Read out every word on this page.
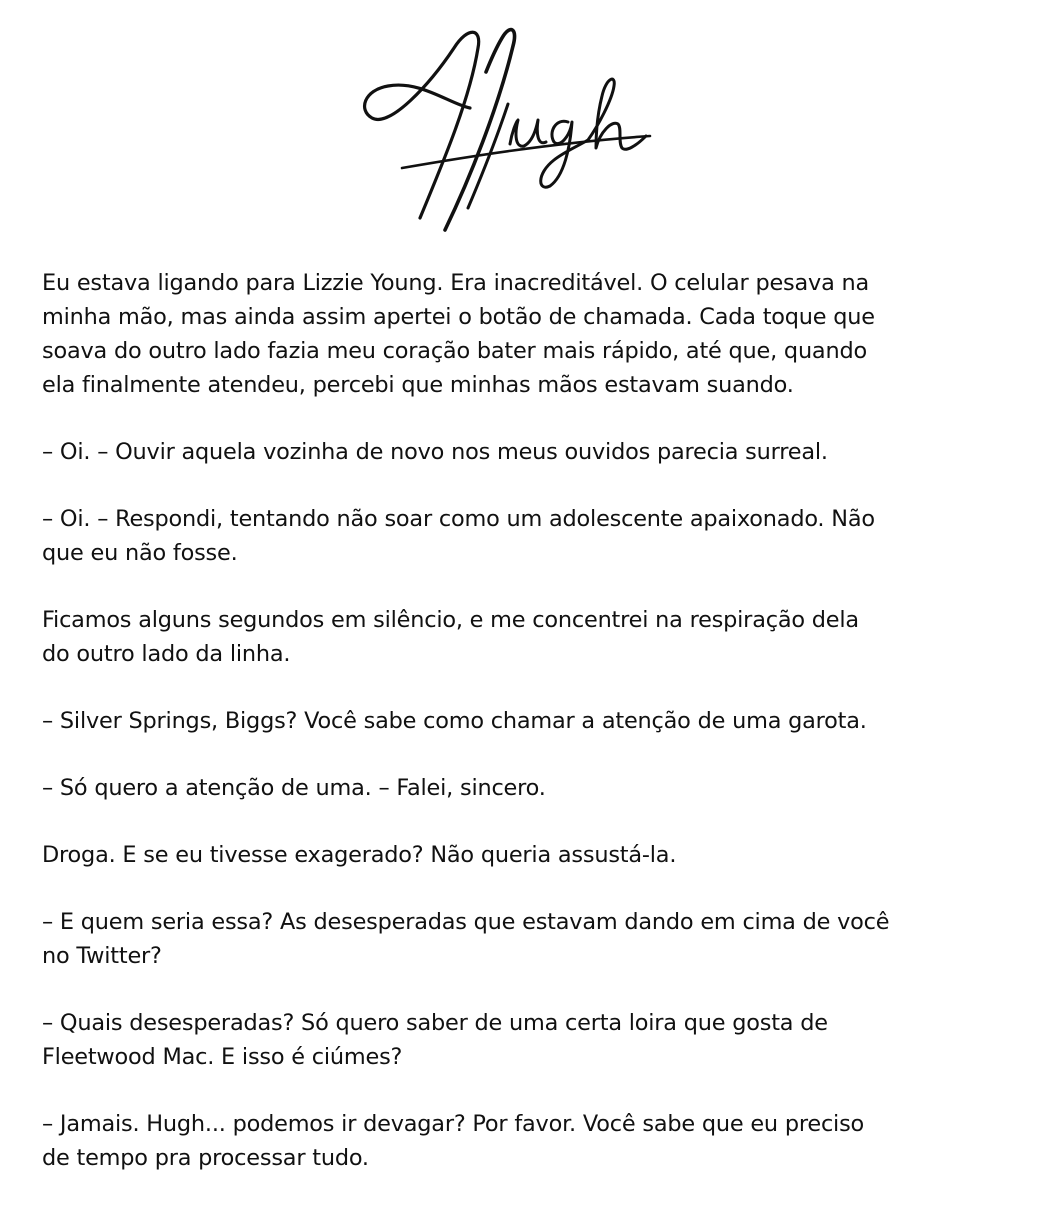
Eu estava ligando para Lizzie Young. Era inacreditável. O celular pesava na
minha mão, mas ainda assim apertei o botão de chamada. Cada toque que
soava do outro lado fazia meu coração bater mais rápido, até que, quando
ela finalmente atendeu, percebi que minhas mãos estavam suando.

– Oi. – Ouvir aquela vozinha de novo nos meus ouvidos parecia surreal.

– Oi. – Respondi, tentando não soar como um adolescente apaixonado. Não
que eu não fosse.

Ficamos alguns segundos em silêncio, e me concentrei na respiração dela
do outro lado da linha.

– Silver Springs, Biggs? Você sabe como chamar a atenção de uma garota.

– Só quero a atenção de uma. – Falei, sincero.

Droga. E se eu tivesse exagerado? Não queria assustá-la.

– E quem seria essa? As desesperadas que estavam dando em cima de você
no Twitter?

– Quais desesperadas? Só quero saber de uma certa loira que gosta de
Fleetwood Mac. E isso é ciúmes?

– Jamais. Hugh... podemos ir devagar? Por favor. Você sabe que eu preciso
de tempo pra processar tudo.
